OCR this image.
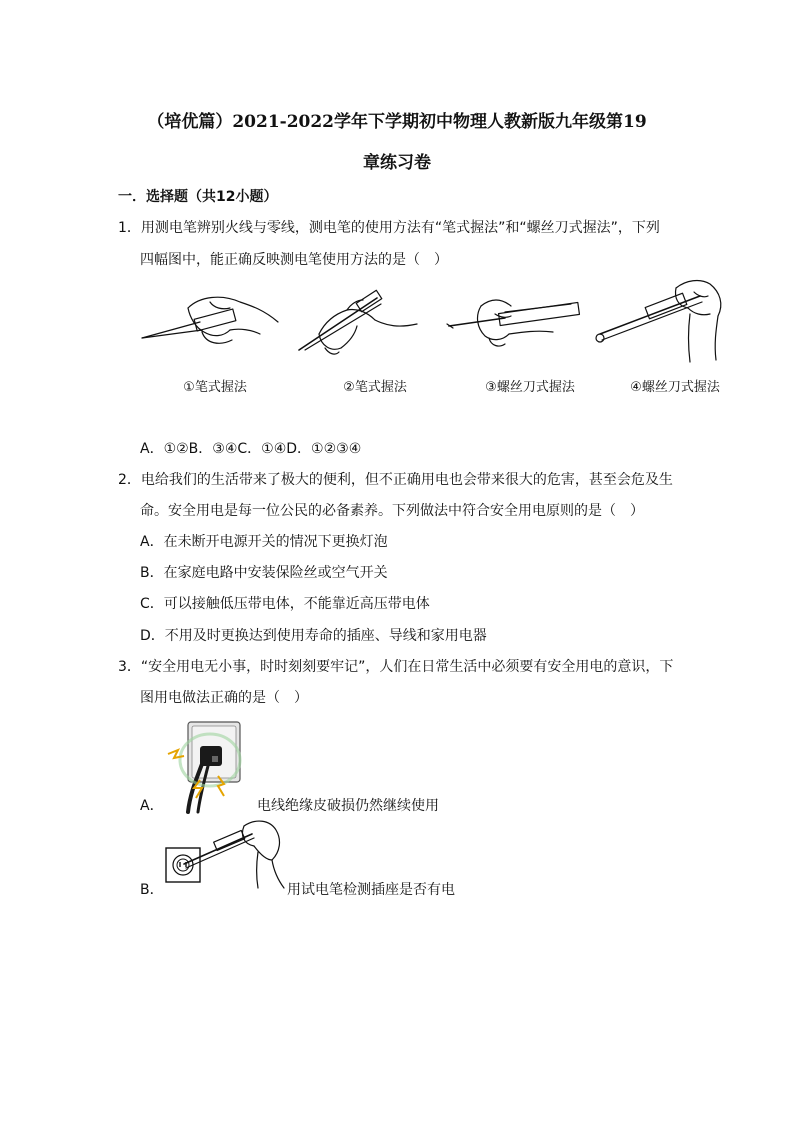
（培优篇）2021-2022学年下学期初中物理人教新版九年级第19
章练习卷
一．选择题（共12小题）
1．用测电笔辨别火线与零线，测电笔的使用方法有“笔式握法”和“螺丝刀式握法”，下列
四幅图中，能正确反映测电笔使用方法的是（　）
①笔式握法	②笔式握法	③螺丝刀式握法	④螺丝刀式握法
A．①②B．③④C．①④D．①②③④
2．电给我们的生活带来了极大的便利，但不正确用电也会带来很大的危害，甚至会危及生
命。安全用电是每一位公民的必备素养。下列做法中符合安全用电原则的是（　）
A．在未断开电源开关的情况下更换灯泡
B．在家庭电路中安装保险丝或空气开关
C．可以接触低压带电体，不能靠近高压带电体
D．不用及时更换达到使用寿命的插座、导线和家用电器
3．“安全用电无小事，时时刻刻要牢记”，人们在日常生活中必须要有安全用电的意识，下
图用电做法正确的是（　）
A．	电线绝缘皮破损仍然继续使用
B．	用试电笔检测插座是否有电
